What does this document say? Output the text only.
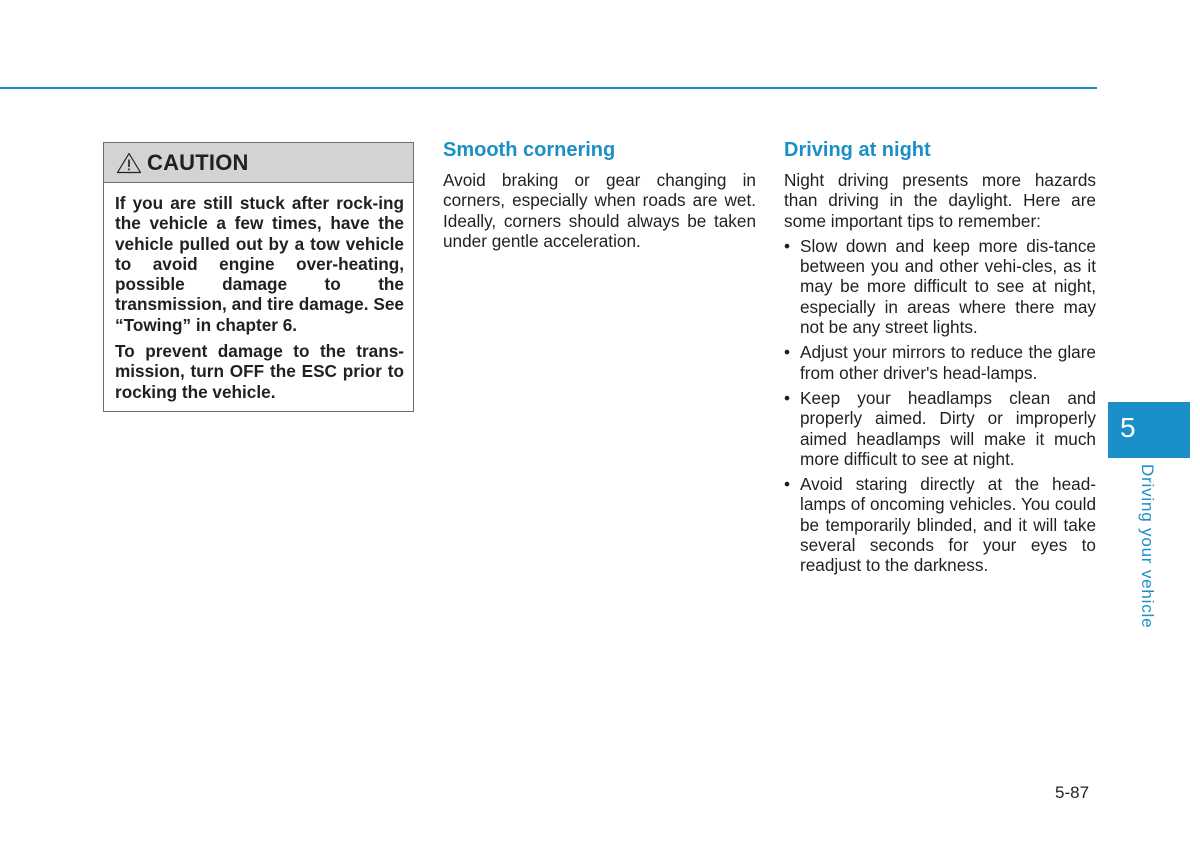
CAUTION

If you are still stuck after rock-ing the vehicle a few times, have the vehicle pulled out by a tow vehicle to avoid engine over-heating, possible damage to the transmission, and tire damage. See “Towing” in chapter 6.

To prevent damage to the trans-mission, turn OFF the ESC prior to rocking the vehicle.

Smooth cornering

Avoid braking or gear changing in corners, especially when roads are wet. Ideally, corners should always be taken under gentle acceleration.

Driving at night

Night driving presents more hazards than driving in the daylight. Here are some important tips to remember:

• Slow down and keep more dis-tance between you and other vehi-cles, as it may be more difficult to see at night, especially in areas where there may not be any street lights.
• Adjust your mirrors to reduce the glare from other driver's head-lamps.
• Keep your headlamps clean and properly aimed. Dirty or improperly aimed headlamps will make it much more difficult to see at night.
• Avoid staring directly at the head-lamps of oncoming vehicles. You could be temporarily blinded, and it will take several seconds for your eyes to readjust to the darkness.
5
Driving your vehicle
5-87
